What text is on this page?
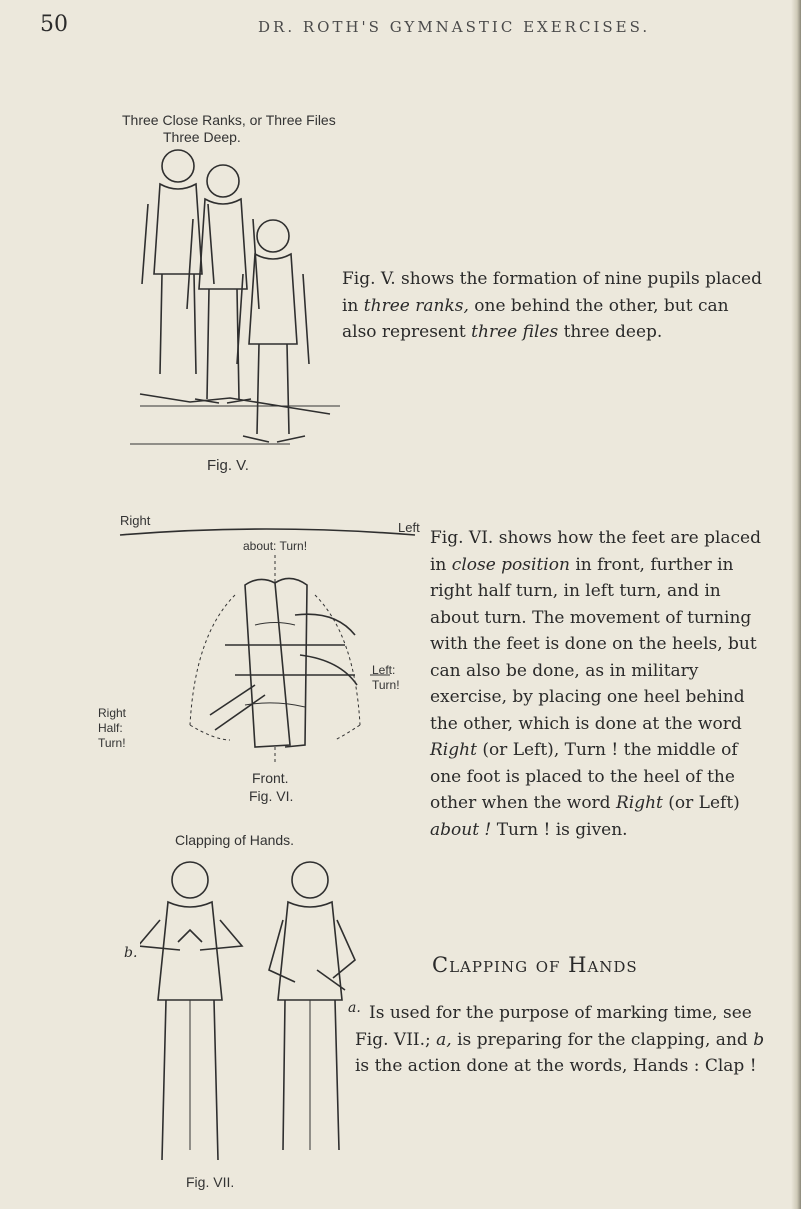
50	DR. ROTH'S GYMNASTIC EXERCISES.
Three Close Ranks, or Three Files
Three Deep.
Fig. V.
Fig. V. shows the formation of nine pupils placed in three ranks, one behind the other, but can also represent three files three deep.
Right	Left
about: Turn!
Right
Half:
Turn!
Left:
Turn!
Front.
Fig. VI.
Fig. VI. shows how the feet are placed in close position in front, further in right half turn, in left turn, and in about turn. The movement of turning with the feet is done on the heels, but can also be done, as in military exercise, by placing one heel behind the other, which is done at the word Right (or Left), Turn ! the middle of one foot is placed to the heel of the other when the word Right (or Left) about ! Turn ! is given.
Clapping of Hands.
b.
a.
Fig. VII.
Clapping of Hands
Is used for the purpose of marking time, see Fig. VII.; a, is preparing for the clapping, and b is the action done at the words, Hands : Clap !
